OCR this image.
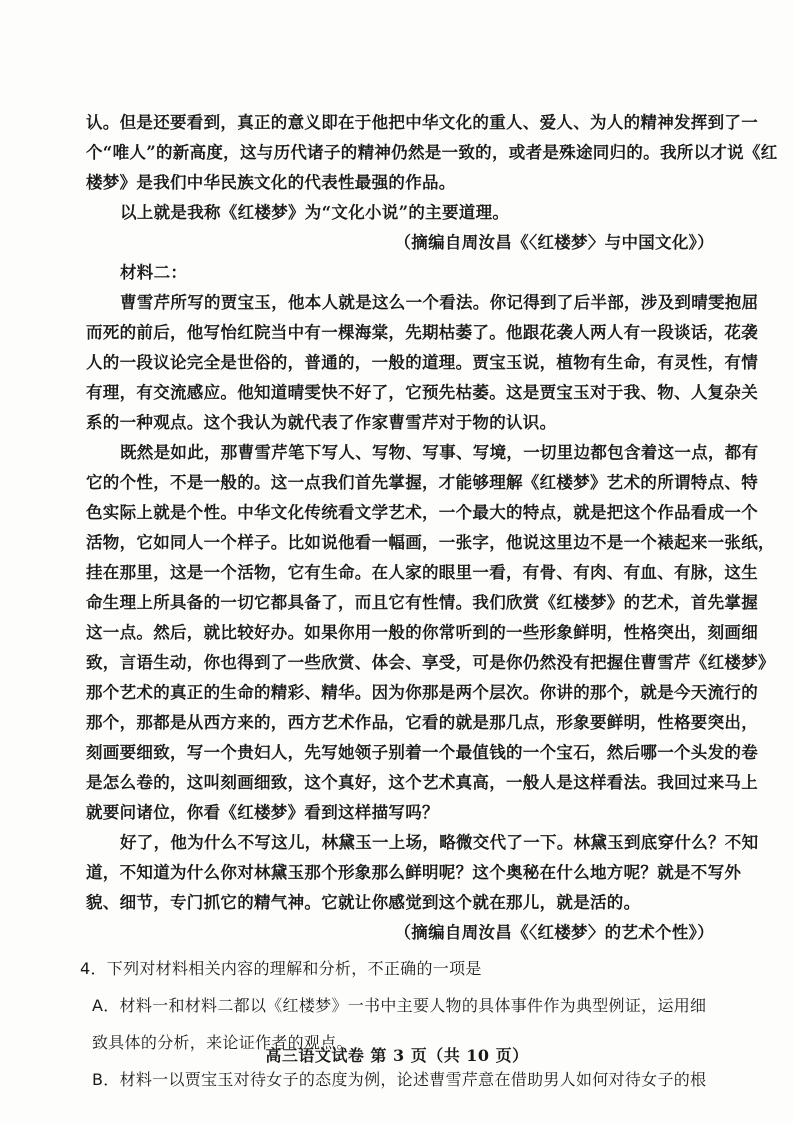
认。但是还要看到，真正的意义即在于他把中华文化的重人、爱人、为人的精神发挥到了一
个“唯人”的新高度，这与历代诸子的精神仍然是一致的，或者是殊途同归的。我所以才说《红
楼梦》是我们中华民族文化的代表性最强的作品。
以上就是我称《红楼梦》为“文化小说”的主要道理。
（摘编自周汝昌《〈红楼梦〉与中国文化》）
材料二：
曹雪芹所写的贾宝玉，他本人就是这么一个看法。你记得到了后半部，涉及到晴雯抱屈
而死的前后，他写怡红院当中有一棵海棠，先期枯萎了。他跟花袭人两人有一段谈话，花袭
人的一段议论完全是世俗的，普通的，一般的道理。贾宝玉说，植物有生命，有灵性，有情
有理，有交流感应。他知道晴雯快不好了，它预先枯萎。这是贾宝玉对于我、物、人复杂关
系的一种观点。这个我认为就代表了作家曹雪芹对于物的认识。
既然是如此，那曹雪芹笔下写人、写物、写事、写境，一切里边都包含着这一点，都有
它的个性，不是一般的。这一点我们首先掌握，才能够理解《红楼梦》艺术的所谓特点、特
色实际上就是个性。中华文化传统看文学艺术，一个最大的特点，就是把这个作品看成一个
活物，它如同人一个样子。比如说他看一幅画，一张字，他说这里边不是一个裱起来一张纸，
挂在那里，这是一个活物，它有生命。在人家的眼里一看，有骨、有肉、有血、有脉，这生
命生理上所具备的一切它都具备了，而且它有性情。我们欣赏《红楼梦》的艺术，首先掌握
这一点。然后，就比较好办。如果你用一般的你常听到的一些形象鲜明，性格突出，刻画细
致，言语生动，你也得到了一些欣赏、体会、享受，可是你仍然没有把握住曹雪芹《红楼梦》
那个艺术的真正的生命的精彩、精华。因为你那是两个层次。你讲的那个，就是今天流行的
那个，那都是从西方来的，西方艺术作品，它看的就是那几点，形象要鲜明，性格要突出，
刻画要细致，写一个贵妇人，先写她领子别着一个最值钱的一个宝石，然后哪一个头发的卷
是怎么卷的，这叫刻画细致，这个真好，这个艺术真高，一般人是这样看法。我回过来马上
就要问诸位，你看《红楼梦》看到这样描写吗？
好了，他为什么不写这儿，林黛玉一上场，略微交代了一下。林黛玉到底穿什么？不知
道，不知道为什么你对林黛玉那个形象那么鲜明呢？这个奥秘在什么地方呢？就是不写外
貌、细节，专门抓它的精气神。它就让你感觉到这个就在那儿，就是活的。
（摘编自周汝昌《〈红楼梦〉的艺术个性》）
4．下列对材料相关内容的理解和分析，不正确的一项是
A．材料一和材料二都以《红楼梦》一书中主要人物的具体事件作为典型例证，运用细
致具体的分析，来论证作者的观点。
B．材料一以贾宝玉对待女子的态度为例，论述曹雪芹意在借助男人如何对待女子的根
高三语文试卷 第 3 页（共 10 页）
